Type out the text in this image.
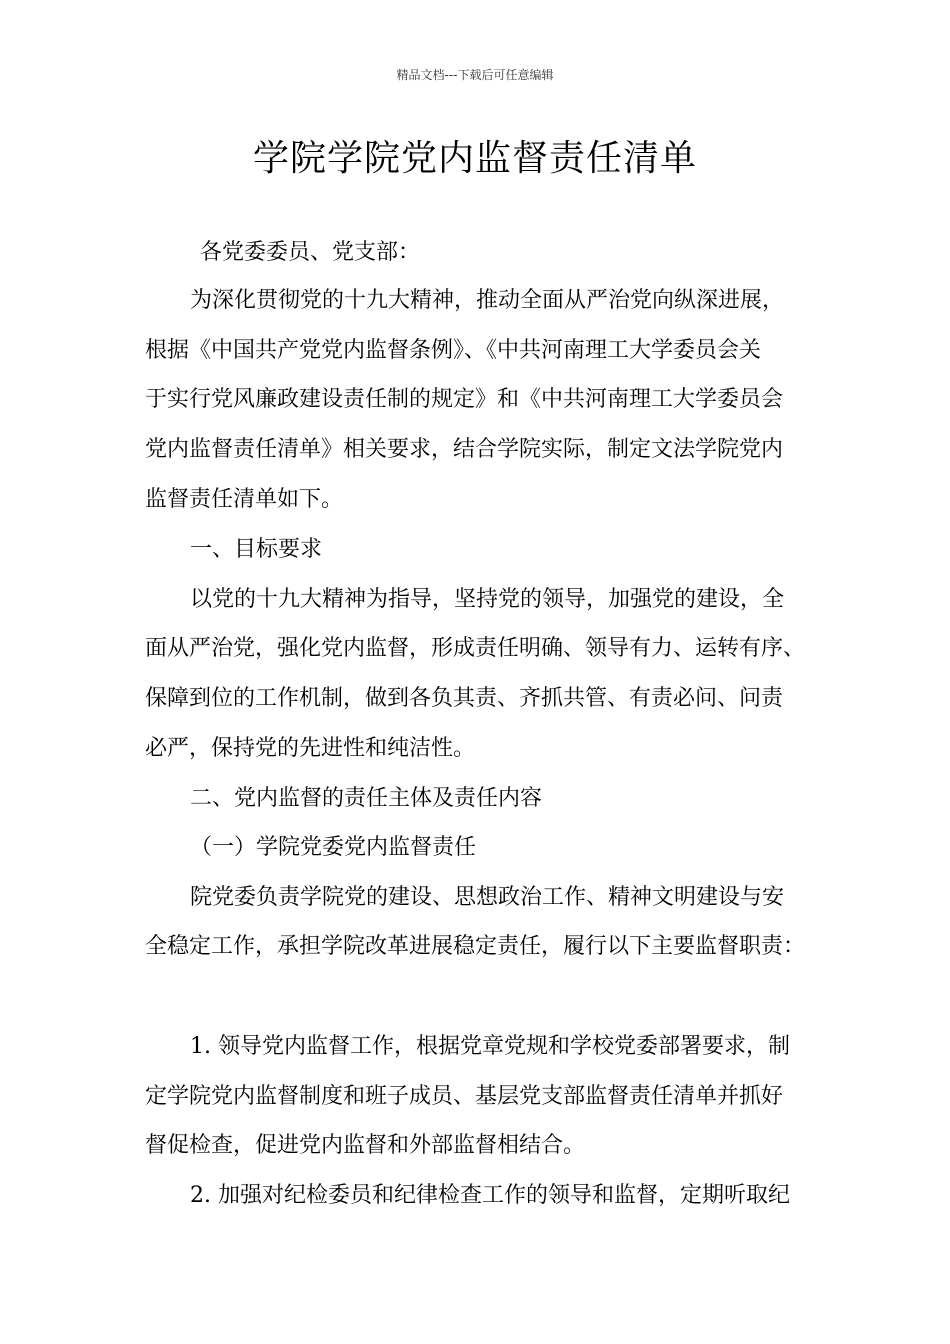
精品文档---下载后可任意编辑
学院学院党内监督责任清单
各党委委员、党支部：
为深化贯彻党的十九大精神，推动全面从严治党向纵深进展，
根据《中国共产党党内监督条例》、《中共河南理工大学委员会关
于实行党风廉政建设责任制的规定》和《中共河南理工大学委员会
党内监督责任清单》相关要求，结合学院实际，制定文法学院党内
监督责任清单如下。
一、目标要求
以党的十九大精神为指导，坚持党的领导，加强党的建设，全
面从严治党，强化党内监督，形成责任明确、领导有力、运转有序、
保障到位的工作机制，做到各负其责、齐抓共管、有责必问、问责
必严，保持党的先进性和纯洁性。
二、党内监督的责任主体及责任内容
（一）学院党委党内监督责任
院党委负责学院党的建设、思想政治工作、精神文明建设与安
全稳定工作，承担学院改革进展稳定责任，履行以下主要监督职责：
1. 领导党内监督工作，根据党章党规和学校党委部署要求，制
定学院党内监督制度和班子成员、基层党支部监督责任清单并抓好
督促检查，促进党内监督和外部监督相结合。
2. 加强对纪检委员和纪律检查工作的领导和监督，定期听取纪
